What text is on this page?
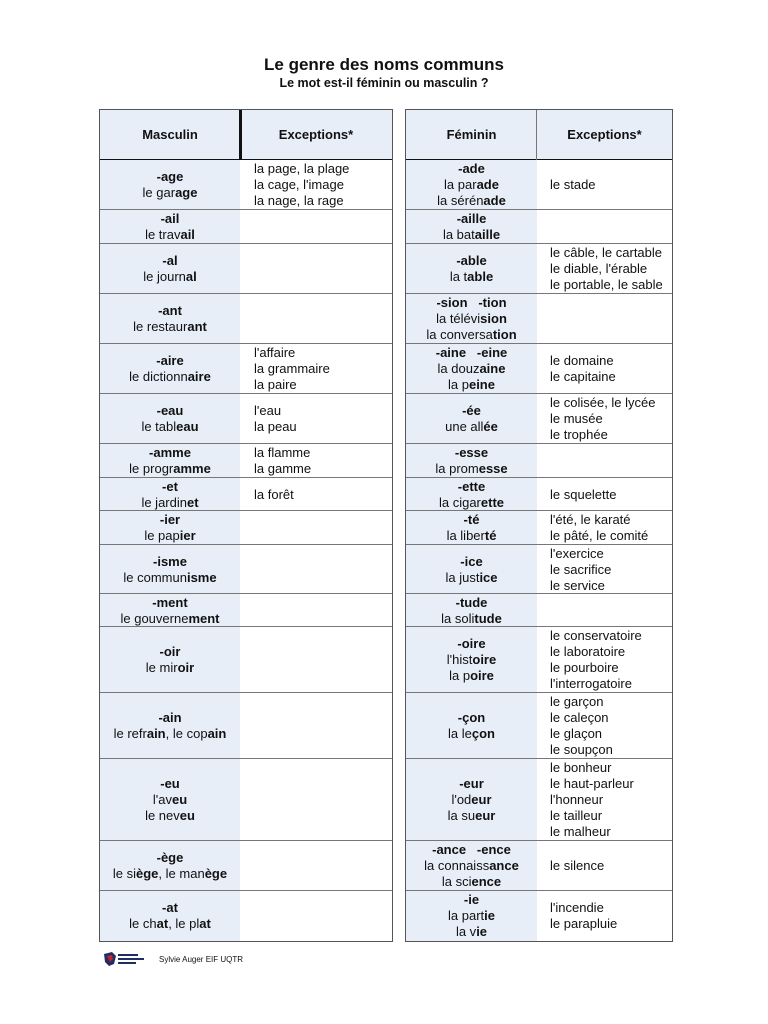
Le genre des noms communs
Le mot est-il féminin ou masculin ?
Masculin	Exceptions*
-age
le garage
la page, la plage
la cage, l'image
la nage, la rage
-ail
le travail
-al
le journal
-ant
le restaurant
-aire
le dictionnaire
l'affaire
la grammaire
la paire
-eau
le tableau
l'eau
la peau
-amme
le programme
la flamme
la gamme
-et
le jardinet
la forêt
-ier
le papier
-isme
le communisme
-ment
le gouvernement
-oir
le miroir
-ain
le refrain, le copain
-eu
l'aveu
le neveu
-ège
le siège, le manège
-at
le chat, le plat
Féminin	Exceptions*
-ade
la parade
la sérénade
le stade
-aille
la bataille
-able
la table
le câble, le cartable
le diable, l'érable
le portable, le sable
-sion   -tion
la télévision
la conversation
-aine   -eine
la douzaine
la peine
le domaine
le capitaine
-ée
une allée
le colisée, le lycée
le musée
le trophée
-esse
la promesse
-ette
la cigarette
le squelette
-té
la liberté
l'été, le karaté
le pâté, le comité
-ice
la justice
l'exercice
le sacrifice
le service
-tude
la solitude
-oire
l'histoire
la poire
le conservatoire
le laboratoire
le pourboire
l'interrogatoire
-çon
la leçon
le garçon
le caleçon
le glaçon
le soupçon
-eur
l'odeur
la sueur
le bonheur
le haut-parleur
l'honneur
le tailleur
le malheur
-ance   -ence
la connaissance
la science
le silence
-ie
la partie
la vie
l'incendie
le parapluie
Sylvie Auger EIF UQTR
